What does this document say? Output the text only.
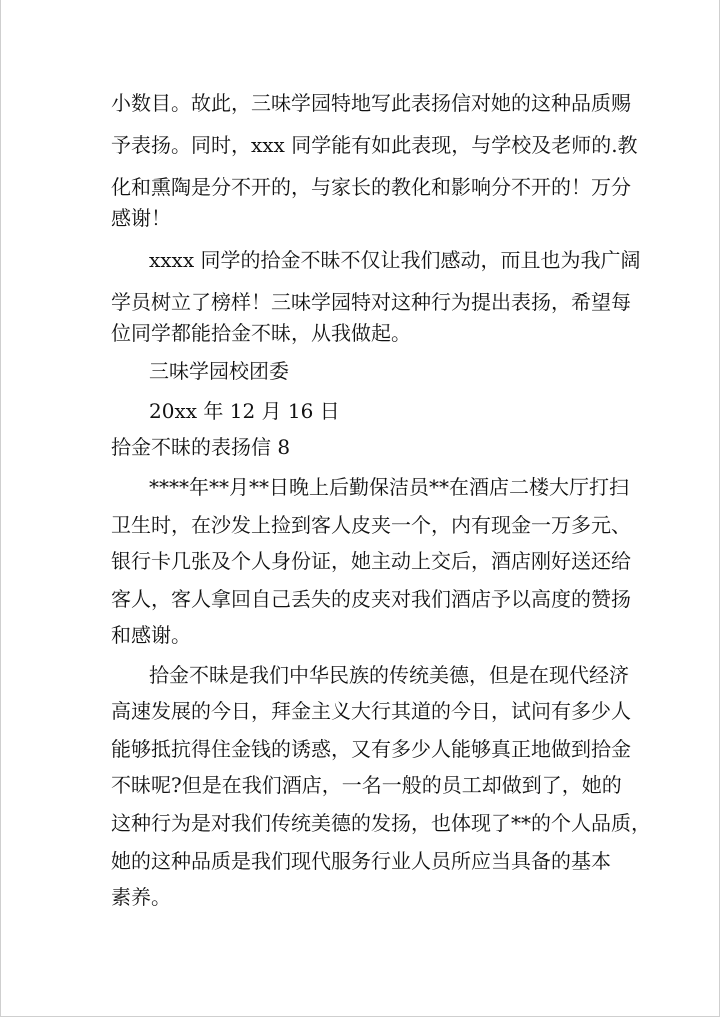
小数目。故此，三味学园特地写此表扬信对她的这种品质赐
予表扬。同时，xxx 同学能有如此表现，与学校及老师的.教
化和熏陶是分不开的，与家长的教化和影响分不开的！万分
感谢！
xxxx 同学的拾金不昧不仅让我们感动，而且也为我广阔
学员树立了榜样！三味学园特对这种行为提出表扬，希望每
位同学都能拾金不昧，从我做起。
三味学园校团委
20xx 年 12 月 16 日
拾金不昧的表扬信 8
****年**月**日晚上后勤保洁员**在酒店二楼大厅打扫
卫生时，在沙发上捡到客人皮夹一个，内有现金一万多元、
银行卡几张及个人身份证，她主动上交后，酒店刚好送还给
客人，客人拿回自己丢失的皮夹对我们酒店予以高度的赞扬
和感谢。
拾金不昧是我们中华民族的传统美德，但是在现代经济
高速发展的今日，拜金主义大行其道的今日，试问有多少人
能够抵抗得住金钱的诱惑，又有多少人能够真正地做到拾金
不昧呢?但是在我们酒店，一名一般的员工却做到了，她的
这种行为是对我们传统美德的发扬，也体现了**的个人品质，
她的这种品质是我们现代服务行业人员所应当具备的基本
素养。
